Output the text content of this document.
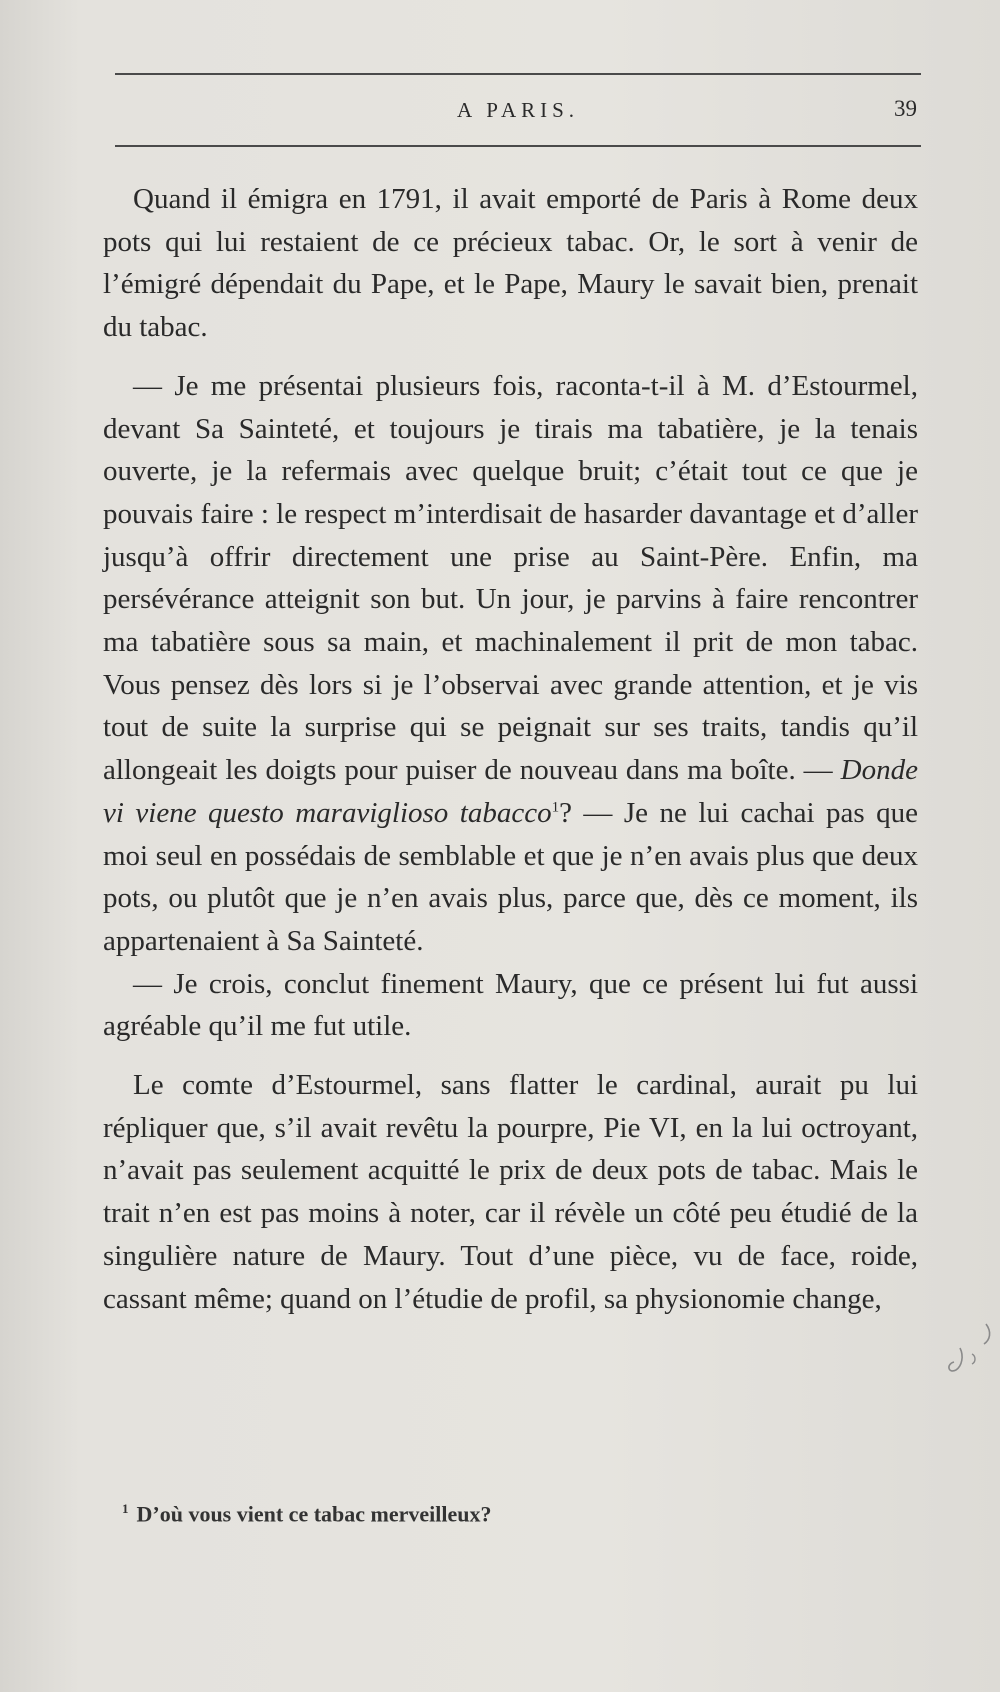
A PARIS.	39

Quand il émigra en 1791, il avait emporté de Paris à Rome deux pots qui lui restaient de ce précieux tabac. Or, le sort à venir de l’émigré dépendait du Pape, et le Pape, Maury le savait bien, prenait du tabac.

— Je me présentai plusieurs fois, raconta-t-il à M. d’Estourmel, devant Sa Sainteté, et toujours je tirais ma tabatière, je la tenais ouverte, je la refermais avec quelque bruit; c’était tout ce que je pouvais faire : le respect m’interdisait de hasarder davantage et d’aller jusqu’à offrir directement une prise au Saint-Père. Enfin, ma persévérance atteignit son but. Un jour, je parvins à faire rencontrer ma tabatière sous sa main, et machinalement il prit de mon tabac. Vous pensez dès lors si je l’observai avec grande attention, et je vis tout de suite la surprise qui se peignait sur ses traits, tandis qu’il allongeait les doigts pour puiser de nouveau dans ma boîte. — Donde vi viene questo maraviglioso tabacco$^1$? — Je ne lui cachai pas que moi seul en possédais de semblable et que je n’en avais plus que deux pots, ou plutôt que je n’en avais plus, parce que, dès ce moment, ils appartenaient à Sa Sainteté.

— Je crois, conclut finement Maury, que ce présent lui fut aussi agréable qu’il me fut utile.

Le comte d’Estourmel, sans flatter le cardinal, aurait pu lui répliquer que, s’il avait revêtu la pourpre, Pie VI, en la lui octroyant, n’avait pas seulement acquitté le prix de deux pots de tabac. Mais le trait n’en est pas moins à noter, car il révèle un côté peu étudié de la singulière nature de Maury. Tout d’une pièce, vu de face, roide, cassant même; quand on l’étudie de profil, sa physionomie change,

$^1$ D’où vous vient ce tabac merveilleux?
